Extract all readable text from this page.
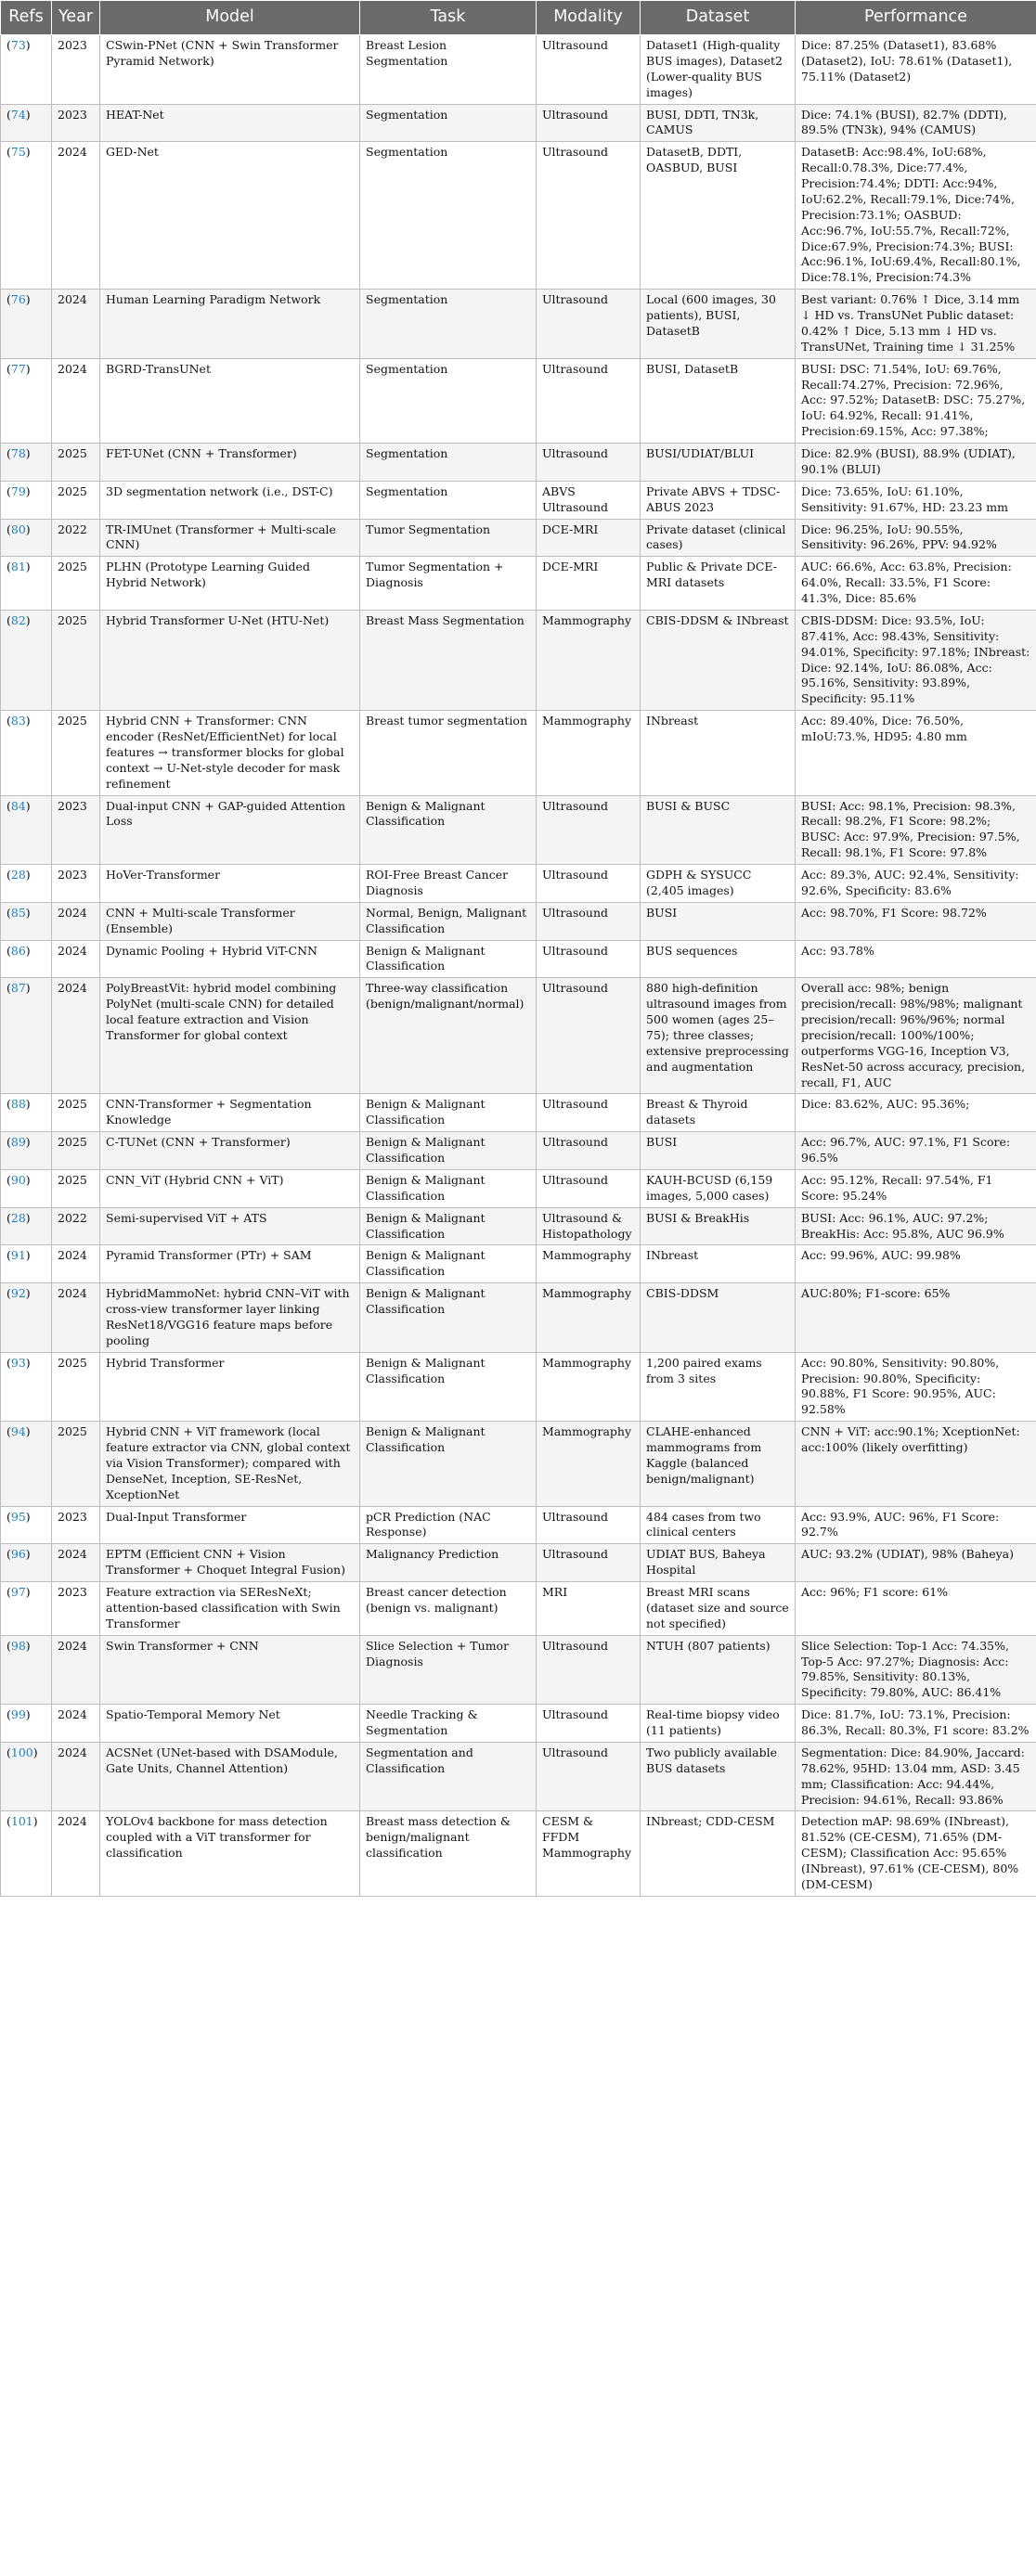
Refs	Year	Model	Task	Modality	Dataset	Performance
(73)	2023	CSwin-PNet (CNN + Swin Transformer Pyramid Network)	Breast Lesion Segmentation	Ultrasound	Dataset1 (High-quality BUS images), Dataset2 (Lower-quality BUS images)	Dice: 87.25% (Dataset1), 83.68% (Dataset2), IoU: 78.61% (Dataset1), 75.11% (Dataset2)
(74)	2023	HEAT-Net	Segmentation	Ultrasound	BUSI, DDTI, TN3k, CAMUS	Dice: 74.1% (BUSI), 82.7% (DDTI), 89.5% (TN3k), 94% (CAMUS)
(75)	2024	GED-Net	Segmentation	Ultrasound	DatasetB, DDTI, OASBUD, BUSI	DatasetB: Acc:98.4%, IoU:68%, Recall:0.78.3%, Dice:77.4%, Precision:74.4%; DDTI: Acc:94%, IoU:62.2%, Recall:79.1%, Dice:74%, Precision:73.1%; OASBUD: Acc:96.7%, IoU:55.7%, Recall:72%, Dice:67.9%, Precision:74.3%; BUSI: Acc:96.1%, IoU:69.4%, Recall:80.1%, Dice:78.1%, Precision:74.3%
(76)	2024	Human Learning Paradigm Network	Segmentation	Ultrasound	Local (600 images, 30 patients), BUSI, DatasetB	Best variant: 0.76% ↑ Dice, 3.14 mm ↓ HD vs. TransUNet Public dataset: 0.42% ↑ Dice, 5.13 mm ↓ HD vs. TransUNet, Training time ↓ 31.25%
(77)	2024	BGRD-TransUNet	Segmentation	Ultrasound	BUSI, DatasetB	BUSI: DSC: 71.54%, IoU: 69.76%, Recall:74.27%, Precision: 72.96%, Acc: 97.52%; DatasetB: DSC: 75.27%, IoU: 64.92%, Recall: 91.41%, Precision:69.15%, Acc: 97.38%;
(78)	2025	FET-UNet (CNN + Transformer)	Segmentation	Ultrasound	BUSI/UDIAT/BLUI	Dice: 82.9% (BUSI), 88.9% (UDIAT), 90.1% (BLUI)
(79)	2025	3D segmentation network (i.e., DST-C)	Segmentation	ABVS Ultrasound	Private ABVS + TDSC-ABUS 2023	Dice: 73.65%, IoU: 61.10%, Sensitivity: 91.67%, HD: 23.23 mm
(80)	2022	TR-IMUnet (Transformer + Multi-scale CNN)	Tumor Segmentation	DCE-MRI	Private dataset (clinical cases)	Dice: 96.25%, IoU: 90.55%, Sensitivity: 96.26%, PPV: 94.92%
(81)	2025	PLHN (Prototype Learning Guided Hybrid Network)	Tumor Segmentation + Diagnosis	DCE-MRI	Public & Private DCE-MRI datasets	AUC: 66.6%, Acc: 63.8%, Precision: 64.0%, Recall: 33.5%, F1 Score: 41.3%, Dice: 85.6%
(82)	2025	Hybrid Transformer U-Net (HTU-Net)	Breast Mass Segmentation	Mammography	CBIS-DDSM & INbreast	CBIS-DDSM: Dice: 93.5%, IoU: 87.41%, Acc: 98.43%, Sensitivity: 94.01%, Specificity: 97.18%; INbreast: Dice: 92.14%, IoU: 86.08%, Acc: 95.16%, Sensitivity: 93.89%, Specificity: 95.11%
(83)	2025	Hybrid CNN + Transformer: CNN encoder (ResNet/EfficientNet) for local features → transformer blocks for global context → U-Net-style decoder for mask refinement	Breast tumor segmentation	Mammography	INbreast	Acc: 89.40%, Dice: 76.50%, mIoU:73.%, HD95: 4.80 mm
(84)	2023	Dual-input CNN + GAP-guided Attention Loss	Benign & Malignant Classification	Ultrasound	BUSI & BUSC	BUSI: Acc: 98.1%, Precision: 98.3%, Recall: 98.2%, F1 Score: 98.2%; BUSC: Acc: 97.9%, Precision: 97.5%, Recall: 98.1%, F1 Score: 97.8%
(28)	2023	HoVer-Transformer	ROI-Free Breast Cancer Diagnosis	Ultrasound	GDPH & SYSUCC (2,405 images)	Acc: 89.3%, AUC: 92.4%, Sensitivity: 92.6%, Specificity: 83.6%
(85)	2024	CNN + Multi-scale Transformer (Ensemble)	Normal, Benign, Malignant Classification	Ultrasound	BUSI	Acc: 98.70%, F1 Score: 98.72%
(86)	2024	Dynamic Pooling + Hybrid ViT-CNN	Benign & Malignant Classification	Ultrasound	BUS sequences	Acc: 93.78%
(87)	2024	PolyBreastVit: hybrid model combining PolyNet (multi-scale CNN) for detailed local feature extraction and Vision Transformer for global context	Three-way classification (benign/malignant/normal)	Ultrasound	880 high-definition ultrasound images from 500 women (ages 25–75); three classes; extensive preprocessing and augmentation	Overall acc: 98%; benign precision/recall: 98%/98%; malignant precision/recall: 96%/96%; normal precision/recall: 100%/100%; outperforms VGG-16, Inception V3, ResNet-50 across accuracy, precision, recall, F1, AUC
(88)	2025	CNN-Transformer + Segmentation Knowledge	Benign & Malignant Classification	Ultrasound	Breast & Thyroid datasets	Dice: 83.62%, AUC: 95.36%;
(89)	2025	C-TUNet (CNN + Transformer)	Benign & Malignant Classification	Ultrasound	BUSI	Acc: 96.7%, AUC: 97.1%, F1 Score: 96.5%
(90)	2025	CNN_ViT (Hybrid CNN + ViT)	Benign & Malignant Classification	Ultrasound	KAUH-BCUSD (6,159 images, 5,000 cases)	Acc: 95.12%, Recall: 97.54%, F1 Score: 95.24%
(28)	2022	Semi-supervised ViT + ATS	Benign & Malignant Classification	Ultrasound & Histopathology	BUSI & BreakHis	BUSI: Acc: 96.1%, AUC: 97.2%; BreakHis: Acc: 95.8%, AUC 96.9%
(91)	2024	Pyramid Transformer (PTr) + SAM	Benign & Malignant Classification	Mammography	INbreast	Acc: 99.96%, AUC: 99.98%
(92)	2024	HybridMammoNet: hybrid CNN–ViT with cross-view transformer layer linking ResNet18/VGG16 feature maps before pooling	Benign & Malignant Classification	Mammography	CBIS-DDSM	AUC:80%; F1-score: 65%
(93)	2025	Hybrid Transformer	Benign & Malignant Classification	Mammography	1,200 paired exams from 3 sites	Acc: 90.80%, Sensitivity: 90.80%, Precision: 90.80%, Specificity: 90.88%, F1 Score: 90.95%, AUC: 92.58%
(94)	2025	Hybrid CNN + ViT framework (local feature extractor via CNN, global context via Vision Transformer); compared with DenseNet, Inception, SE-ResNet, XceptionNet	Benign & Malignant Classification	Mammography	CLAHE-enhanced mammograms from Kaggle (balanced benign/malignant)	CNN + ViT: acc:90.1%; XceptionNet: acc:100% (likely overfitting)
(95)	2023	Dual-Input Transformer	pCR Prediction (NAC Response)	Ultrasound	484 cases from two clinical centers	Acc: 93.9%, AUC: 96%, F1 Score: 92.7%
(96)	2024	EPTM (Efficient CNN + Vision Transformer + Choquet Integral Fusion)	Malignancy Prediction	Ultrasound	UDIAT BUS, Baheya Hospital	AUC: 93.2% (UDIAT), 98% (Baheya)
(97)	2023	Feature extraction via SEResNeXt; attention-based classification with Swin Transformer	Breast cancer detection (benign vs. malignant)	MRI	Breast MRI scans (dataset size and source not specified)	Acc: 96%; F1 score: 61%
(98)	2024	Swin Transformer + CNN	Slice Selection + Tumor Diagnosis	Ultrasound	NTUH (807 patients)	Slice Selection: Top-1 Acc: 74.35%, Top-5 Acc: 97.27%; Diagnosis: Acc: 79.85%, Sensitivity: 80.13%, Specificity: 79.80%, AUC: 86.41%
(99)	2024	Spatio-Temporal Memory Net	Needle Tracking & Segmentation	Ultrasound	Real-time biopsy video (11 patients)	Dice: 81.7%, IoU: 73.1%, Precision: 86.3%, Recall: 80.3%, F1 score: 83.2%
(100)	2024	ACSNet (UNet-based with DSAModule, Gate Units, Channel Attention)	Segmentation and Classification	Ultrasound	Two publicly available BUS datasets	Segmentation: Dice: 84.90%, Jaccard: 78.62%, 95HD: 13.04 mm, ASD: 3.45 mm; Classification: Acc: 94.44%, Precision: 94.61%, Recall: 93.86%
(101)	2024	YOLOv4 backbone for mass detection coupled with a ViT transformer for classification	Breast mass detection & benign/malignant classification	CESM & FFDM Mammography	INbreast; CDD-CESM	Detection mAP: 98.69% (INbreast), 81.52% (CE-CESM), 71.65% (DM-CESM); Classification Acc: 95.65% (INbreast), 97.61% (CE-CESM), 80% (DM-CESM)
